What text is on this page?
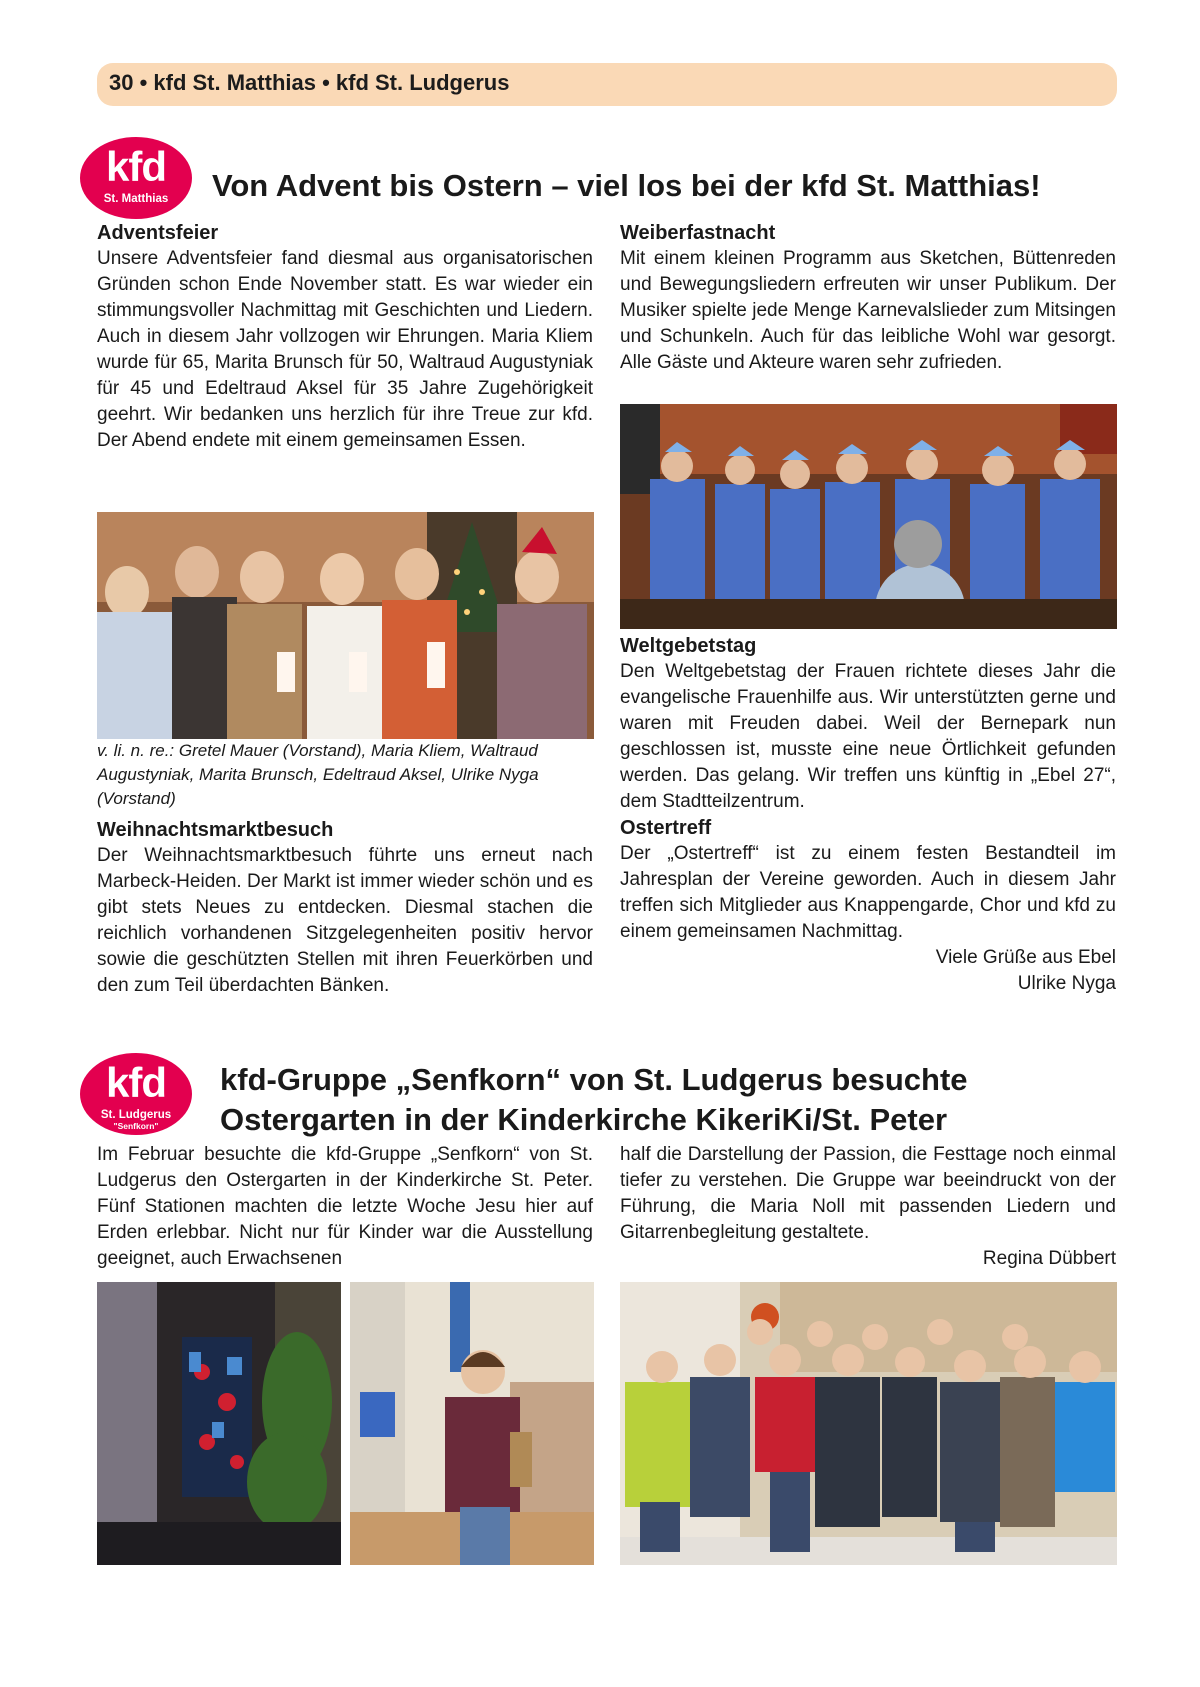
30 • kfd St. Matthias • kfd St. Ludgerus
kfd
St. Matthias	Von Advent bis Ostern – viel los bei der kfd St. Matthias!
Adventsfeier
Unsere Adventsfeier fand diesmal aus organisatorischen Gründen schon Ende November statt. Es war wieder ein stimmungsvoller Nachmittag mit Geschichten und Liedern. Auch in diesem Jahr vollzogen wir Ehrungen. Maria Kliem wurde für 65, Marita Brunsch für 50, Waltraud Augustyniak für 45 und Edeltraud Aksel für 35 Jahre Zugehörigkeit geehrt. Wir bedanken uns herzlich für ihre Treue zur kfd. Der Abend endete mit einem gemeinsamen Essen.
v. li. n. re.: Gretel Mauer (Vorstand), Maria Kliem, Waltraud Augustyniak, Marita Brunsch, Edeltraud Aksel, Ulrike Nyga (Vorstand)
Weihnachtsmarktbesuch
Der Weihnachtsmarktbesuch führte uns erneut nach Marbeck-Heiden. Der Markt ist immer wieder schön und es gibt stets Neues zu entdecken. Diesmal stachen die reichlich vorhandenen Sitzgelegenheiten positiv hervor sowie die geschützten Stellen mit ihren Feuerkörben und den zum Teil überdachten Bänken.
Weiberfastnacht
Mit einem kleinen Programm aus Sketchen, Büttenreden und Bewegungsliedern erfreuten wir unser Publikum. Der Musiker spielte jede Menge Karnevalslieder zum Mitsingen und Schunkeln. Auch für das leibliche Wohl war gesorgt. Alle Gäste und Akteure waren sehr zufrieden.
Weltgebetstag
Den Weltgebetstag der Frauen richtete dieses Jahr die evangelische Frauenhilfe aus. Wir unterstützten gerne und waren mit Freuden dabei. Weil der Bernepark nun geschlossen ist, musste eine neue Örtlichkeit gefunden werden. Das gelang. Wir treffen uns künftig in „Ebel 27“, dem Stadtteilzentrum.
Ostertreff
Der „Ostertreff“ ist zu einem festen Bestandteil im Jahresplan der Vereine geworden. Auch in diesem Jahr treffen sich Mitglieder aus Knappengarde, Chor und kfd zu einem gemeinsamen Nachmittag.
Viele Grüße aus Ebel
Ulrike Nyga
kfd
St. Ludgerus
"Senfkorn"
kfd-Gruppe „Senfkorn“ von St. Ludgerus besuchte
Ostergarten in der Kinderkirche KikeriKi/St. Peter
Im Februar besuchte die kfd-Gruppe „Senfkorn“ von St. Ludgerus den Ostergarten in der Kinderkirche St. Peter. Fünf Stationen machten die letzte Woche Jesu hier auf Erden erlebbar. Nicht nur für Kinder war die Ausstellung geeignet, auch Erwachsenen
half die Darstellung der Passion, die Festtage noch einmal tiefer zu verstehen. Die Gruppe war beeindruckt von der Führung, die Maria Noll mit passenden Liedern und Gitarrenbegleitung gestaltete.
Regina Dübbert
